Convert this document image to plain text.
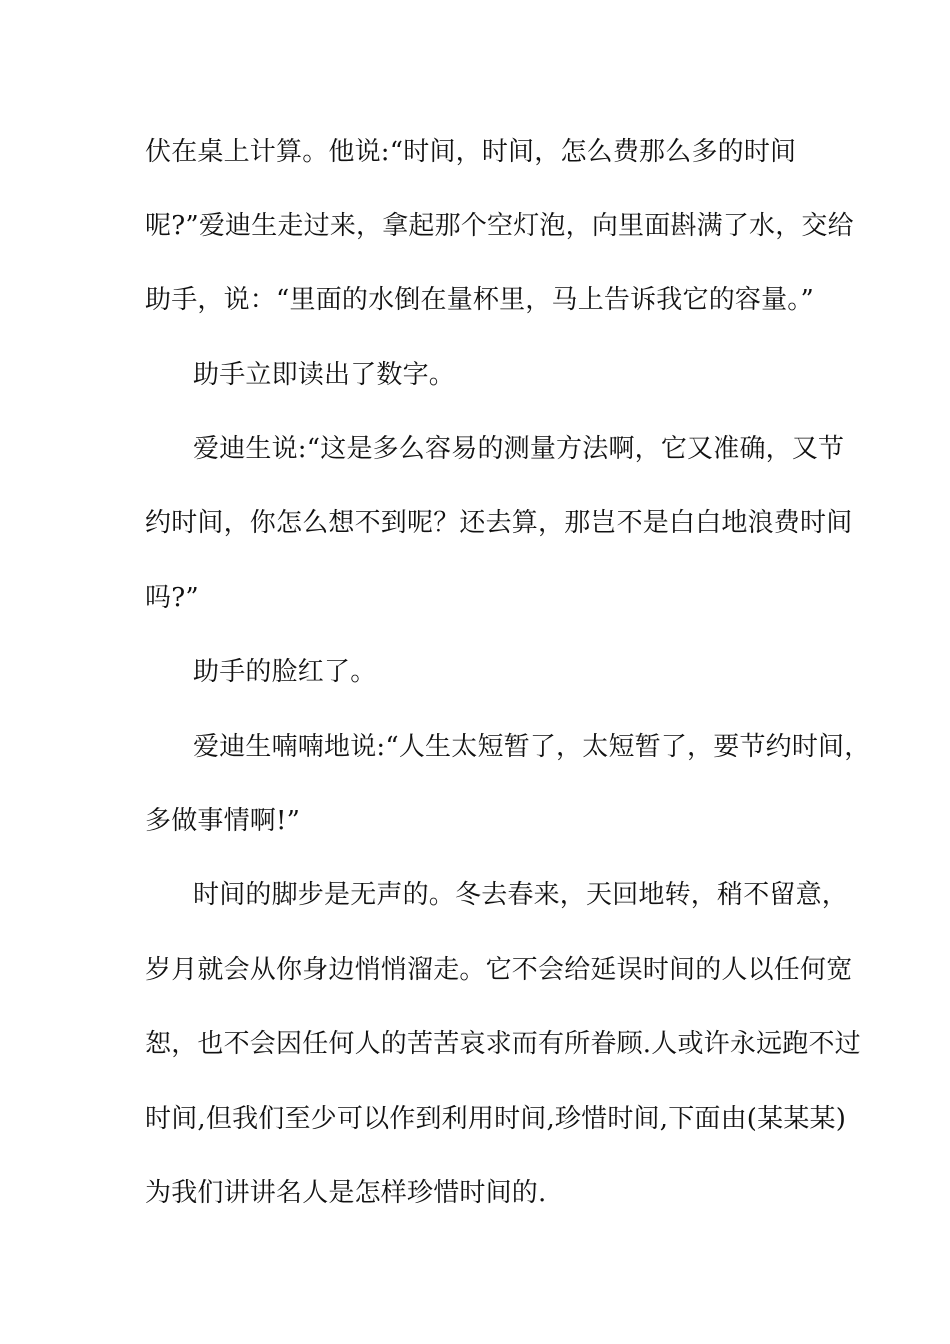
伏在桌上计算。他说:“时间，时间，怎么费那么多的时间
呢?”爱迪生走过来，拿起那个空灯泡，向里面斟满了水，交给
助手，说：“里面的水倒在量杯里，马上告诉我它的容量。”
助手立即读出了数字。
爱迪生说:“这是多么容易的测量方法啊，它又准确，又节
约时间，你怎么想不到呢？还去算，那岂不是白白地浪费时间
吗?”
助手的脸红了。
爱迪生喃喃地说:“人生太短暂了，太短暂了，要节约时间，
多做事情啊!”
时间的脚步是无声的。冬去春来，天回地转，稍不留意，
岁月就会从你身边悄悄溜走。它不会给延误时间的人以任何宽
恕，也不会因任何人的苦苦哀求而有所眷顾.人或许永远跑不过
时间,但我们至少可以作到利用时间,珍惜时间,下面由(某某某)
为我们讲讲名人是怎样珍惜时间的.
